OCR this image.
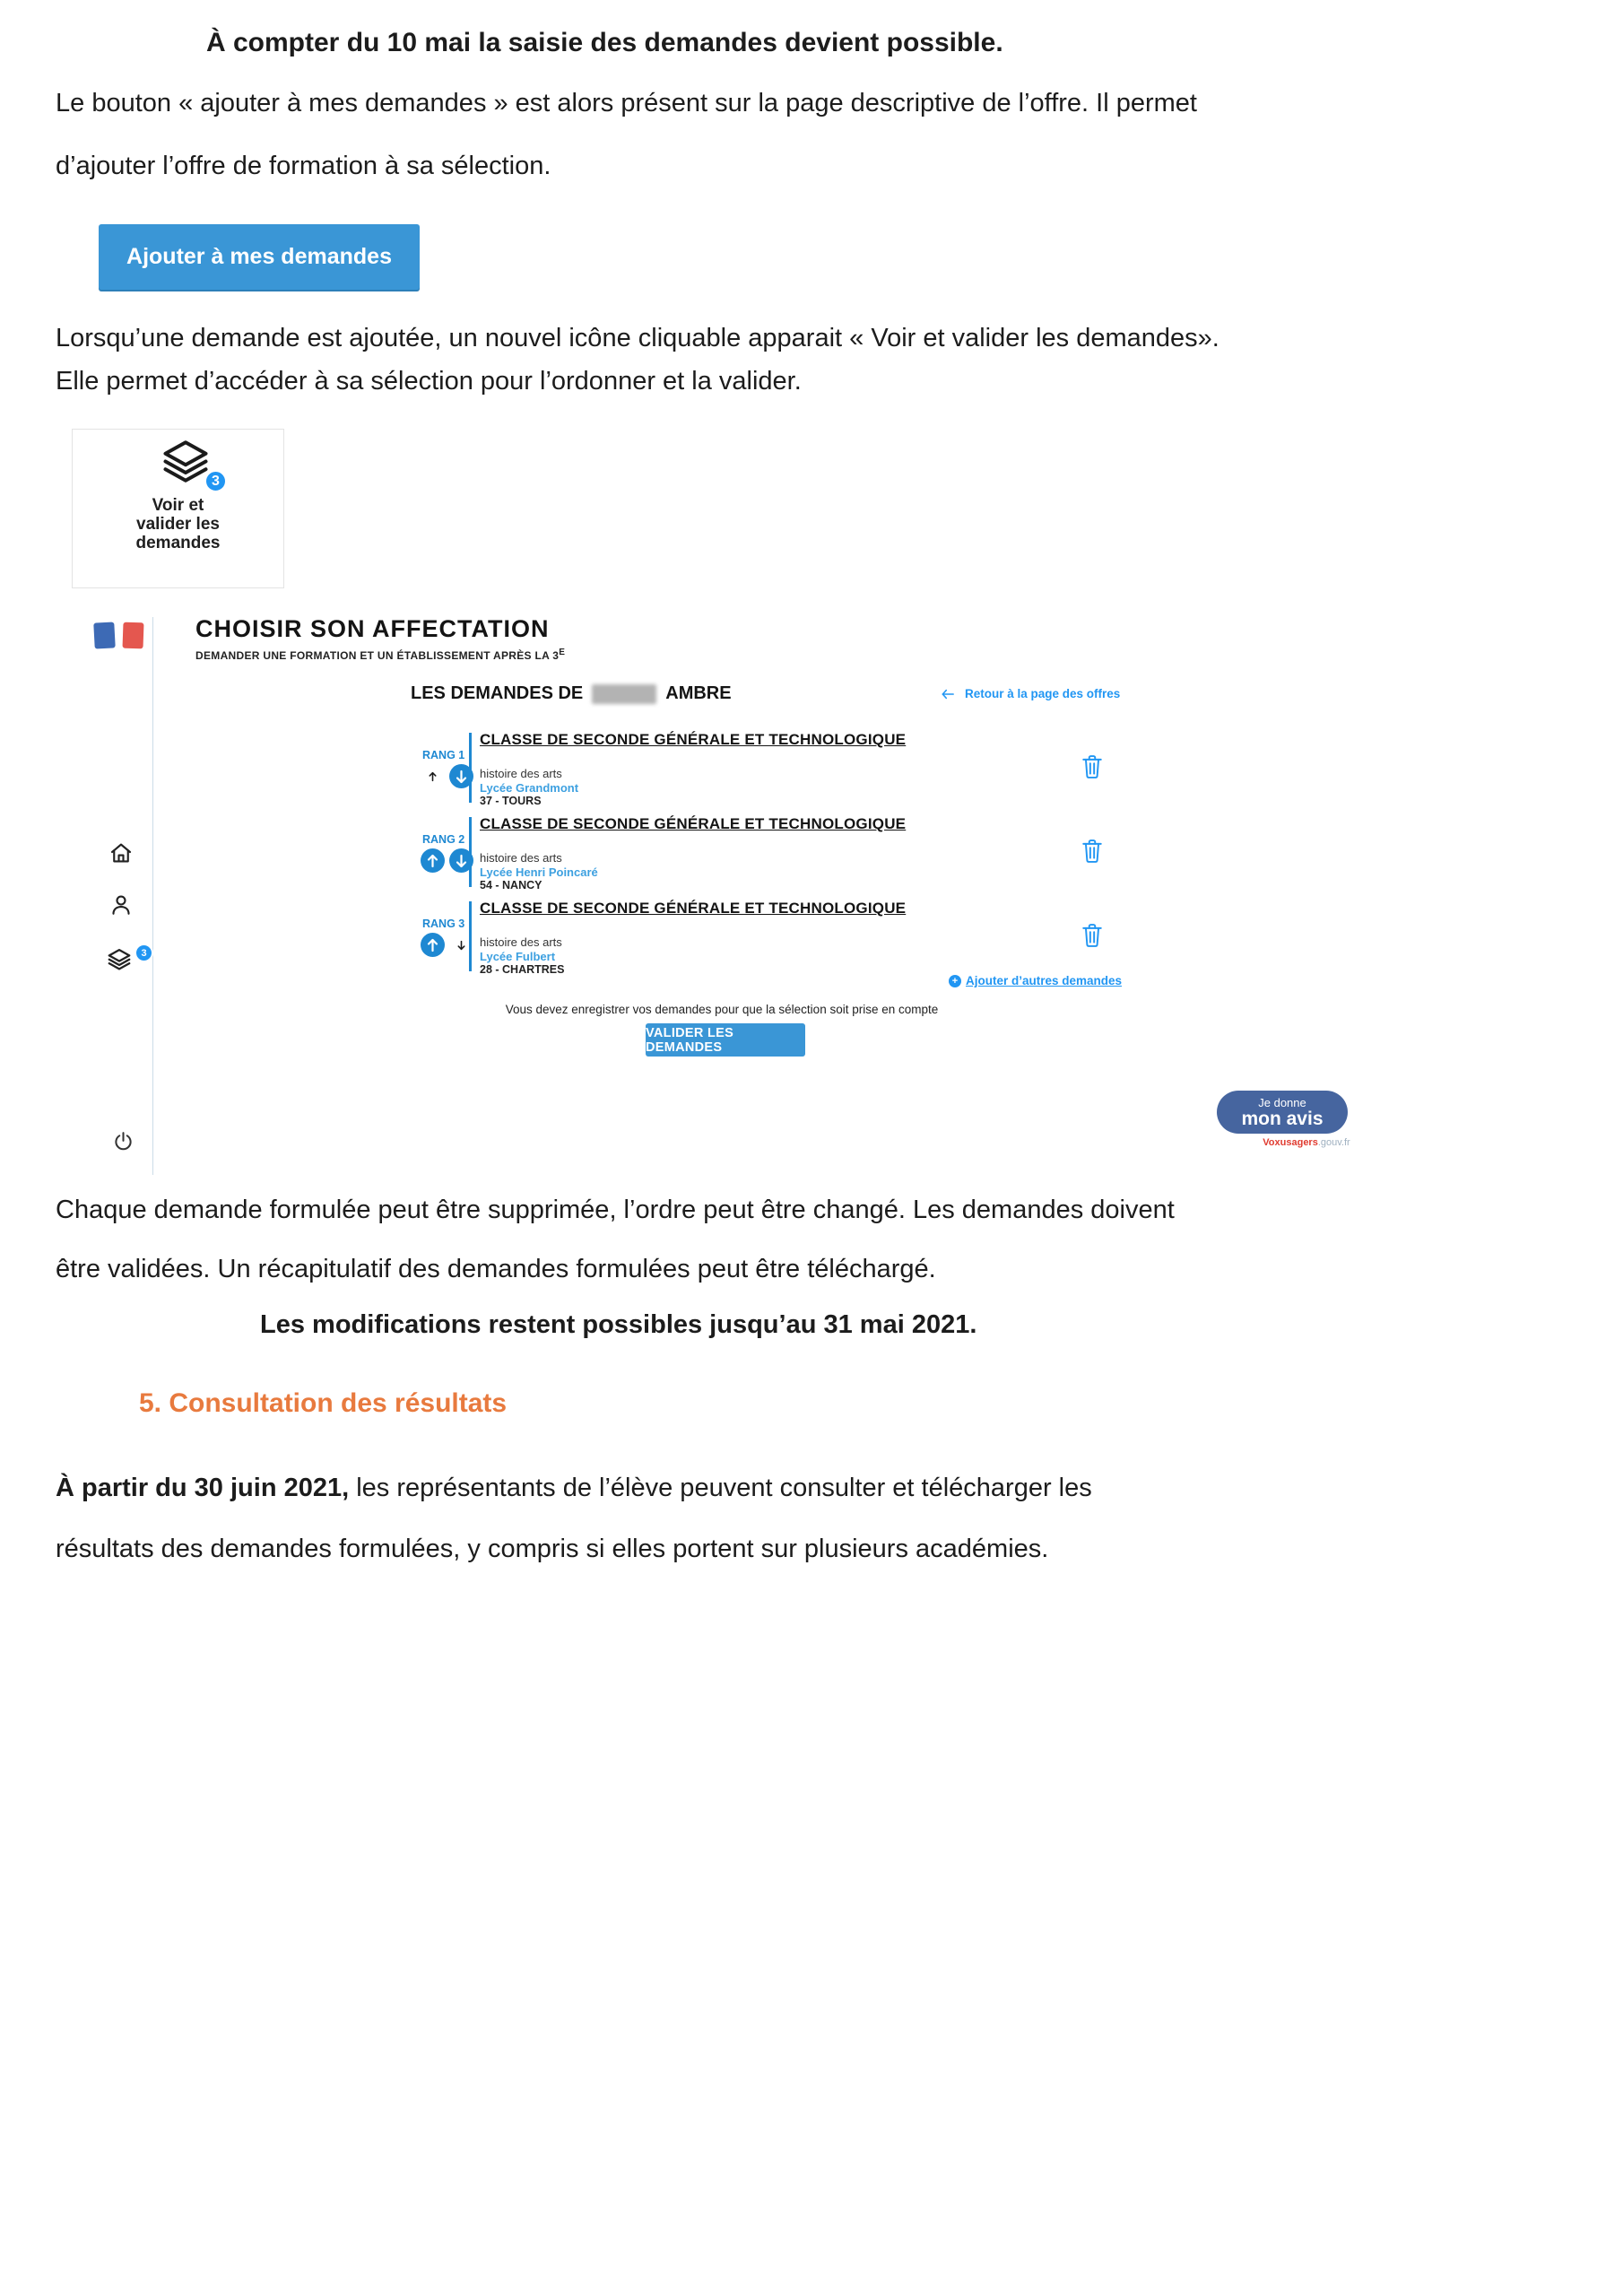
À compter du 10 mai la saisie des demandes devient possible.
Le bouton « ajouter à mes demandes » est alors présent sur la page descriptive de l’offre. Il permet
d’ajouter l’offre de formation à sa sélection.
Ajouter à mes demandes
Lorsqu’une demande est ajoutée, un nouvel icône cliquable apparait « Voir et valider les demandes».
Elle permet d’accéder à sa sélection pour l’ordonner et la valider.
3
Voir et
valider les
demandes
CHOISIR SON AFFECTATION
DEMANDER UNE FORMATION ET UN ÉTABLISSEMENT APRÈS LA $3^E$
3
LES DEMANDES DE	AMBRE	Retour à la page des offres
RANG 1
CLASSE DE SECONDE GÉNÉRALE ET TECHNOLOGIQUE
histoire des arts
Lycée Grandmont
37 - TOURS
RANG 2
CLASSE DE SECONDE GÉNÉRALE ET TECHNOLOGIQUE
histoire des arts
Lycée Henri Poincaré
54 - NANCY
RANG 3
CLASSE DE SECONDE GÉNÉRALE ET TECHNOLOGIQUE
histoire des arts
Lycée Fulbert
28 - CHARTRES
+ Ajouter d’autres demandes
Vous devez enregistrer vos demandes pour que la sélection soit prise en compte
VALIDER LES DEMANDES
Je donne
mon avis
Voxusagers.gouv.fr
Chaque demande formulée peut être supprimée, l’ordre peut être changé. Les demandes doivent
être validées. Un récapitulatif des demandes formulées peut être téléchargé.
Les modifications restent possibles jusqu’au 31 mai 2021.
5. Consultation des résultats
À partir du 30 juin 2021, les représentants de l’élève peuvent consulter et télécharger les
résultats des demandes formulées, y compris si elles portent sur plusieurs académies.
